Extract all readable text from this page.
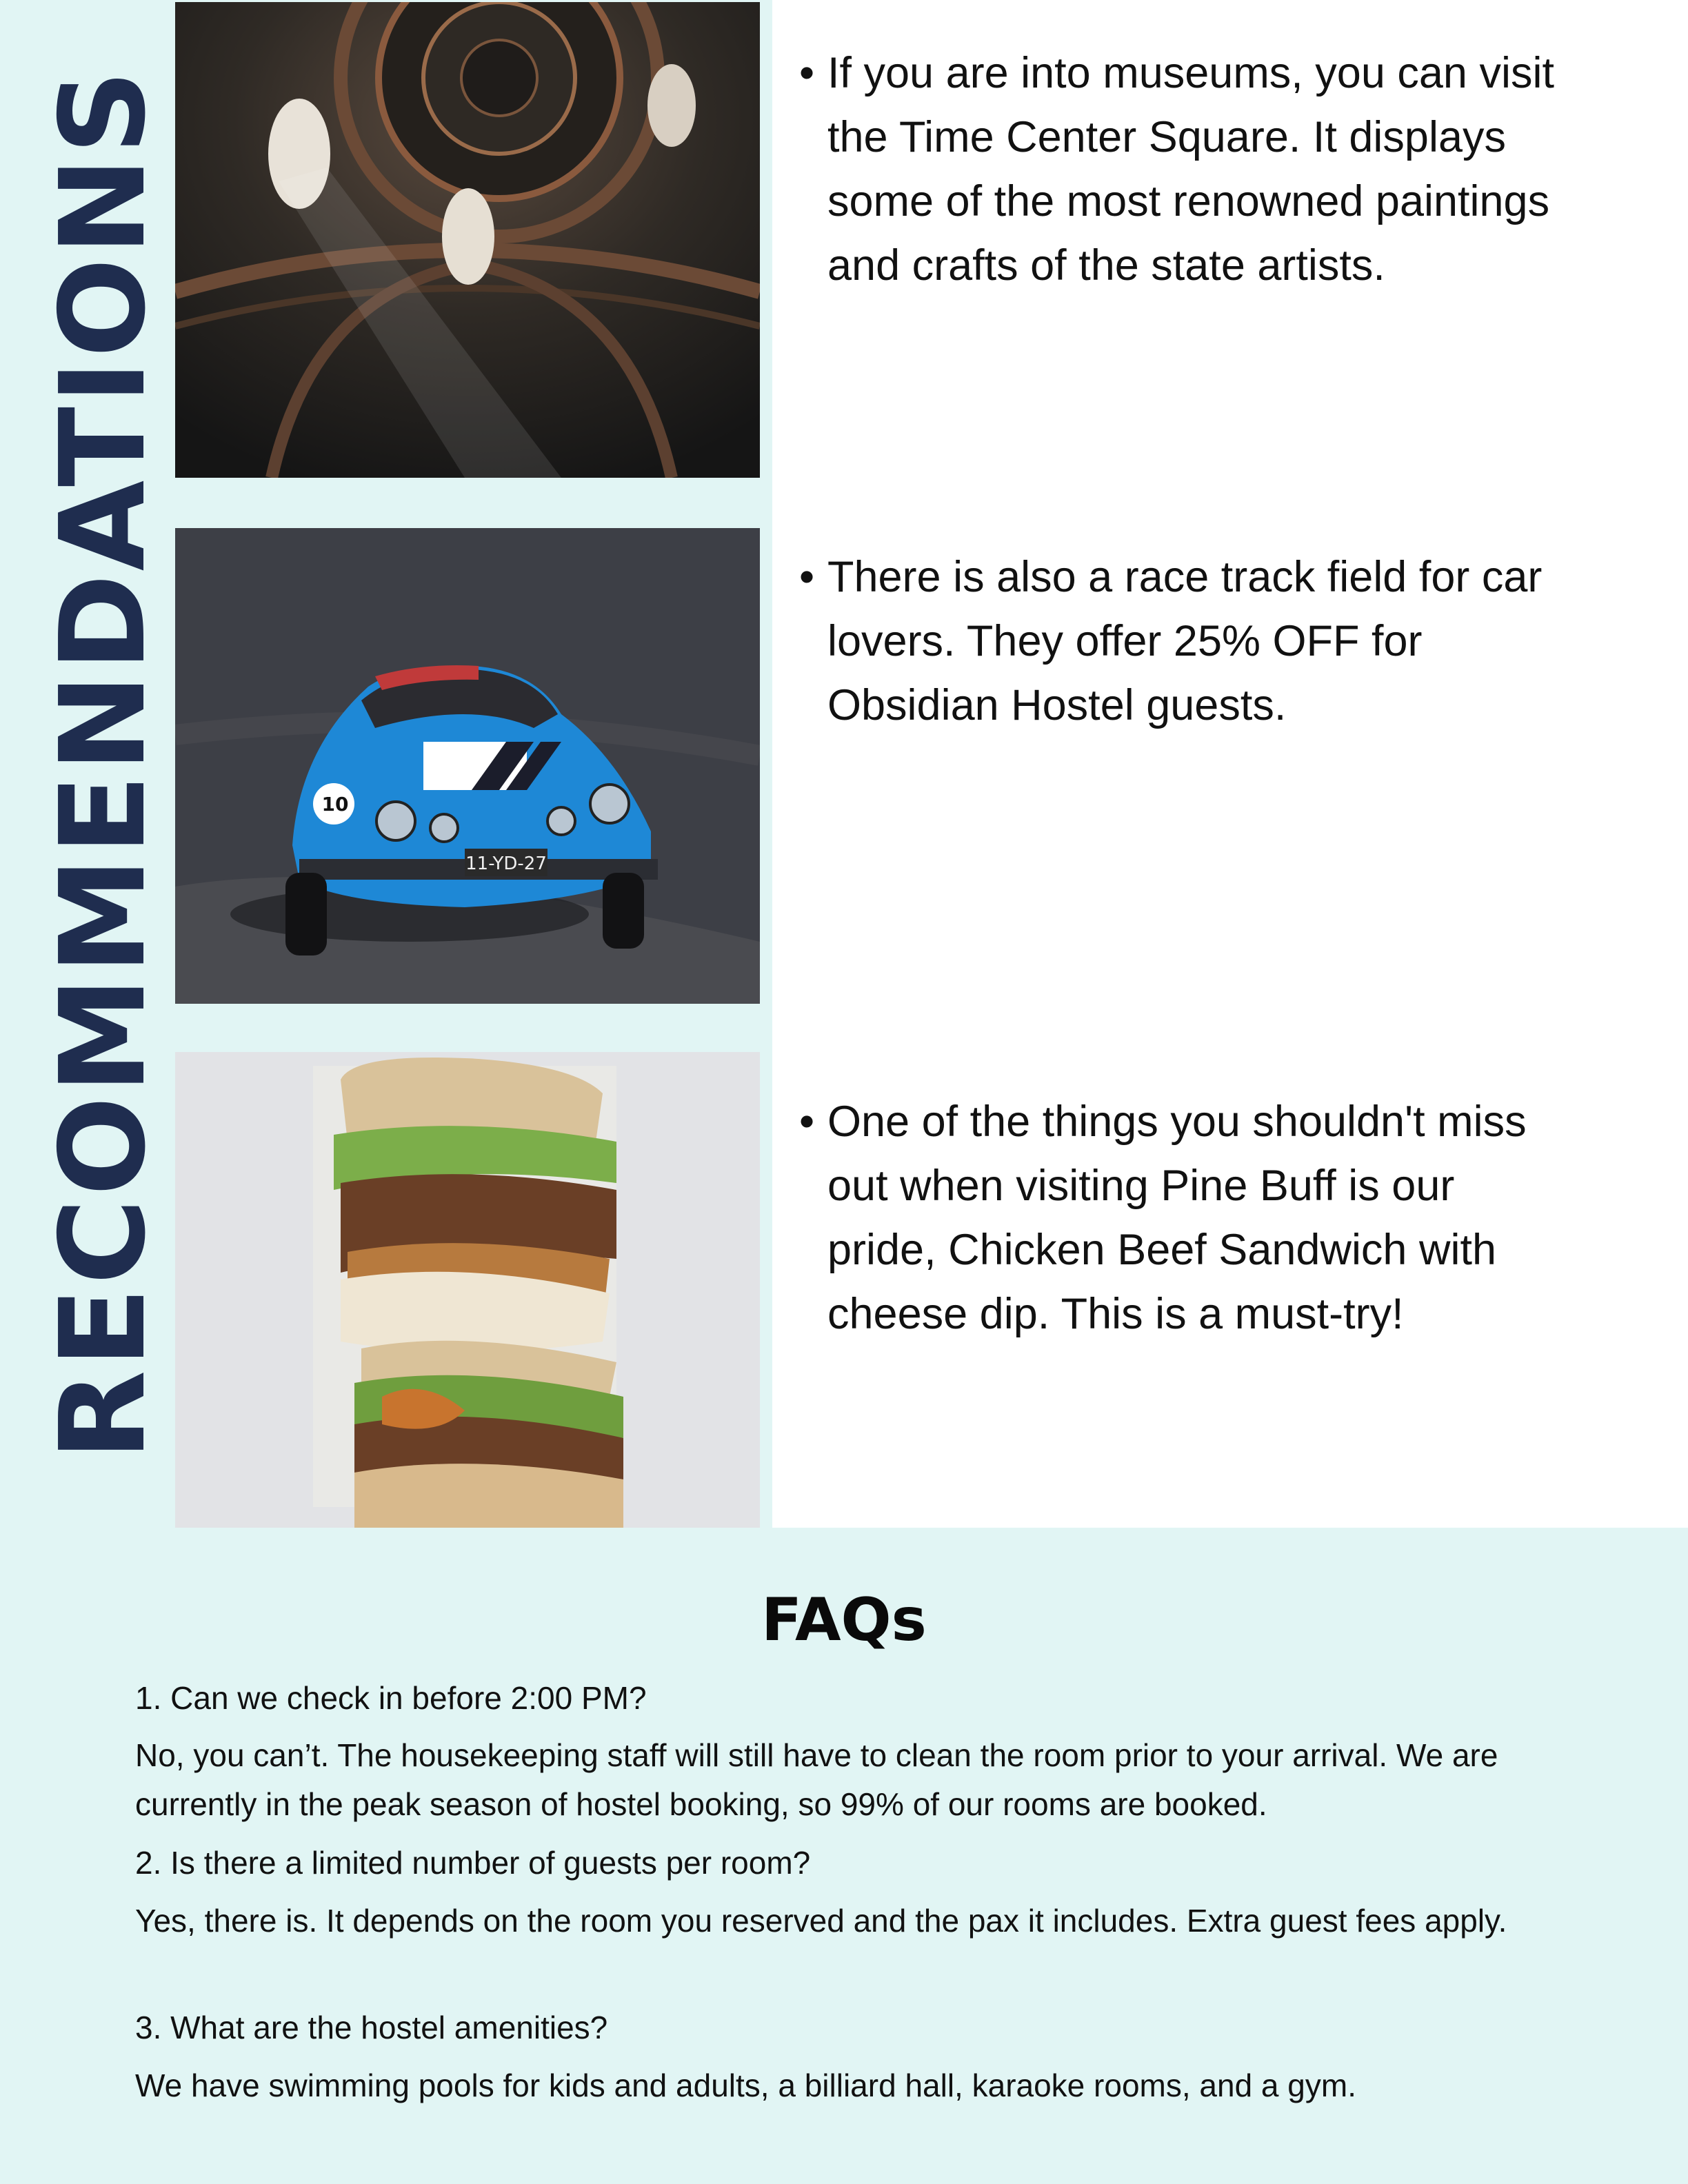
RECOMMENDATIONS	11-YD-27
10
• If you are into museums, you can visit the Time Center Square. It displays some of the most renowned paintings and crafts of the state artists.
• There is also a race track field for car lovers. They offer 25% OFF for Obsidian Hostel guests.
• One of the things you shouldn't miss out when visiting Pine Buff is our pride, Chicken Beef Sandwich with cheese dip. This is a must-try!
FAQs
1. Can we check in before 2:00 PM?
No, you can’t. The housekeeping staff will still have to clean the room prior to your arrival. We are currently in the peak season of hostel booking, so 99% of our rooms are booked.
2. Is there a limited number of guests per room?
Yes, there is. It depends on the room you reserved and the pax it includes. Extra guest fees apply.
3. What are the hostel amenities?
We have swimming pools for kids and adults, a billiard hall, karaoke rooms, and a gym.
